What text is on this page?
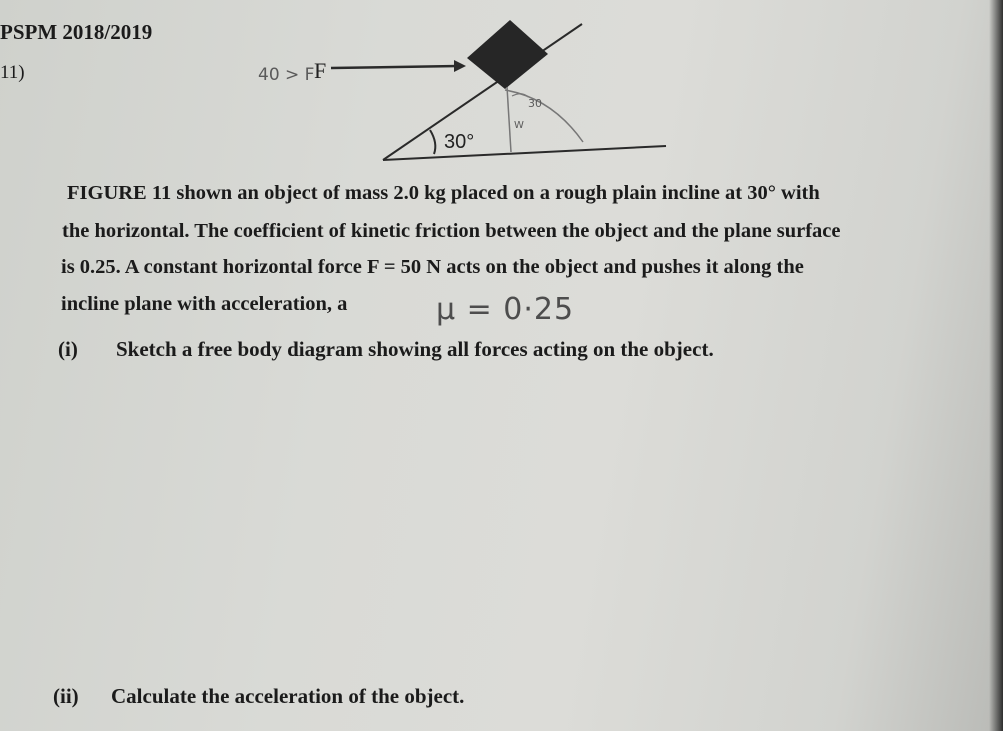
PSPM 2018/2019
11)	F
30°
40 > F
30
W
FIGURE 11 shown an object of mass 2.0 kg placed on a rough plain incline at 30° with
the horizontal. The coefficient of kinetic friction between the object and the plane surface
is 0.25. A constant horizontal force F = 50 N acts on the object and pushes it along the
incline plane with acceleration, a	µ = 0·25
(i) Sketch a free body diagram showing all forces acting on the object.
(ii) Calculate the acceleration of the object.
